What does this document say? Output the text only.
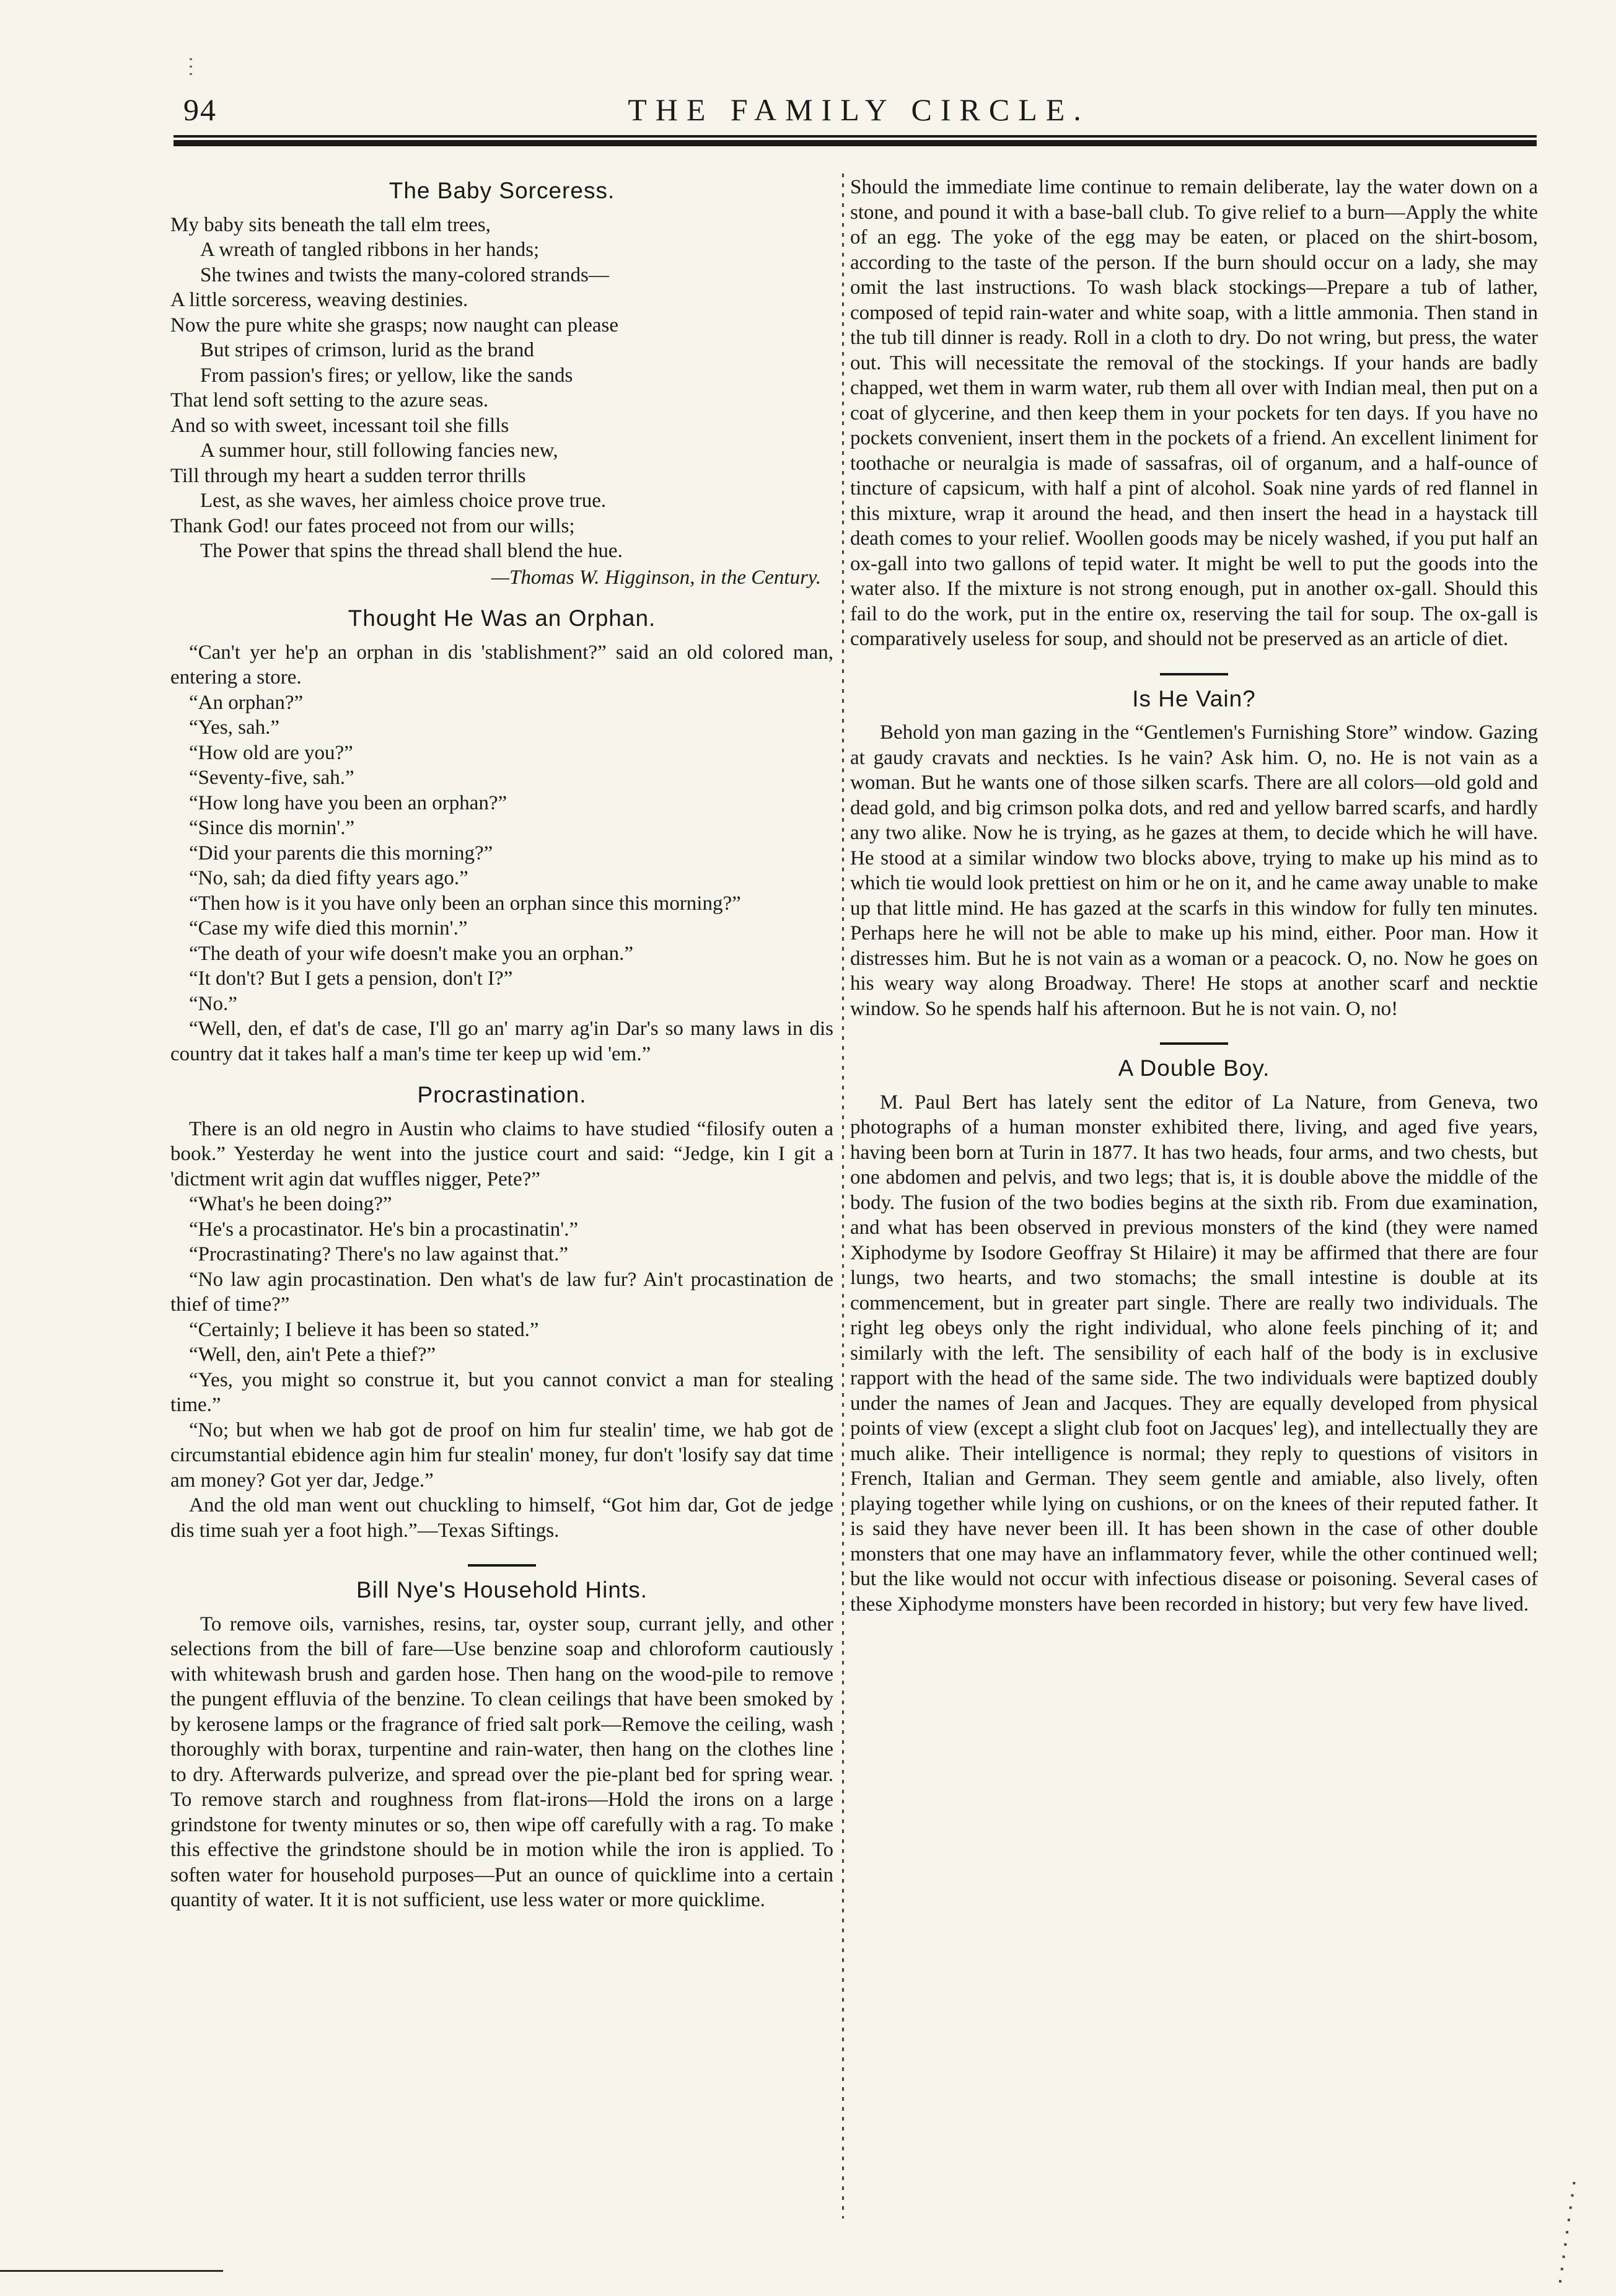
94	THE FAMILY CIRCLE.
The Baby Sorceress.

My baby sits beneath the tall elm trees,

A wreath of tangled ribbons in her hands;

She twines and twists the many-colored strands—

A little sorceress, weaving destinies.

Now the pure white she grasps; now naught can please

But stripes of crimson, lurid as the brand

From passion's fires; or yellow, like the sands

That lend soft setting to the azure seas.

And so with sweet, incessant toil she fills

A summer hour, still following fancies new,

Till through my heart a sudden terror thrills

Lest, as she waves, her aimless choice prove true.

Thank God! our fates proceed not from our wills;

The Power that spins the thread shall blend the hue.

—Thomas W. Higginson, in the Century.
Thought He Was an Orphan.

“Can't yer he'p an orphan in dis 'stablishment?” said an old colored man, entering a store.

“An orphan?”

“Yes, sah.”

“How old are you?”

“Seventy-five, sah.”

“How long have you been an orphan?”

“Since dis mornin'.”

“Did your parents die this morning?”

“No, sah; da died fifty years ago.”

“Then how is it you have only been an orphan since this morning?”

“Case my wife died this mornin'.”

“The death of your wife doesn't make you an orphan.”

“It don't? But I gets a pension, don't I?”

“No.”

“Well, den, ef dat's de case, I'll go an' marry ag'in Dar's so many laws in dis country dat it takes half a man's time ter keep up wid 'em.”

Procrastination.

There is an old negro in Austin who claims to have studied “filosify outen a book.” Yesterday he went into the justice court and said: “Jedge, kin I git a 'dictment writ agin dat wuffles nigger, Pete?”

“What's he been doing?”

“He's a procastinator. He's bin a procastinatin'.”

“Procrastinating? There's no law against that.”

“No law agin procastination. Den what's de law fur? Ain't procastination de thief of time?”

“Certainly; I believe it has been so stated.”

“Well, den, ain't Pete a thief?”

“Yes, you might so construe it, but you cannot convict a man for stealing time.”

“No; but when we hab got de proof on him fur stealin' time, we hab got de circumstantial ebidence agin him fur stealin' money, fur don't 'losify say dat time am money? Got yer dar, Jedge.”

And the old man went out chuckling to himself, “Got him dar, Got de jedge dis time suah yer a foot high.”—Texas Siftings.

Bill Nye's Household Hints.

To remove oils, varnishes, resins, tar, oyster soup, currant jelly, and other selections from the bill of fare—Use benzine soap and chloroform cautiously with whitewash brush and garden hose. Then hang on the wood-pile to remove the pungent effluvia of the benzine. To clean ceilings that have been smoked by by kerosene lamps or the fragrance of fried salt pork—Remove the ceiling, wash thoroughly with borax, turpentine and rain-water, then hang on the clothes line to dry. Afterwards pulverize, and spread over the pie-plant bed for spring wear. To remove starch and roughness from flat-irons—Hold the irons on a large grindstone for twenty minutes or so, then wipe off carefully with a rag. To make this effective the grindstone should be in motion while the iron is applied. To soften water for household purposes—Put an ounce of quicklime into a certain quantity of water. It it is not sufficient, use less water or more quicklime.

Should the immediate lime continue to remain deliberate, lay the water down on a stone, and pound it with a base-ball club. To give relief to a burn—Apply the white of an egg. The yoke of the egg may be eaten, or placed on the shirt-bosom, according to the taste of the person. If the burn should occur on a lady, she may omit the last instructions. To wash black stockings—Prepare a tub of lather, composed of tepid rain-water and white soap, with a little ammonia. Then stand in the tub till dinner is ready. Roll in a cloth to dry. Do not wring, but press, the water out. This will necessitate the removal of the stockings. If your hands are badly chapped, wet them in warm water, rub them all over with Indian meal, then put on a coat of glycerine, and then keep them in your pockets for ten days. If you have no pockets convenient, insert them in the pockets of a friend. An excellent liniment for toothache or neuralgia is made of sassafras, oil of organum, and a half-ounce of tincture of capsicum, with half a pint of alcohol. Soak nine yards of red flannel in this mixture, wrap it around the head, and then insert the head in a haystack till death comes to your relief. Woollen goods may be nicely washed, if you put half an ox-gall into two gallons of tepid water. It might be well to put the goods into the water also. If the mixture is not strong enough, put in another ox-gall. Should this fail to do the work, put in the entire ox, reserving the tail for soup. The ox-gall is comparatively useless for soup, and should not be preserved as an article of diet.

Is He Vain?

Behold yon man gazing in the “Gentlemen's Furnishing Store” window. Gazing at gaudy cravats and neckties. Is he vain? Ask him. O, no. He is not vain as a woman. But he wants one of those silken scarfs. There are all colors—old gold and dead gold, and big crimson polka dots, and red and yellow barred scarfs, and hardly any two alike. Now he is trying, as he gazes at them, to decide which he will have. He stood at a similar window two blocks above, trying to make up his mind as to which tie would look prettiest on him or he on it, and he came away unable to make up that little mind. He has gazed at the scarfs in this window for fully ten minutes. Perhaps here he will not be able to make up his mind, either. Poor man. How it distresses him. But he is not vain as a woman or a peacock. O, no. Now he goes on his weary way along Broadway. There! He stops at another scarf and necktie window. So he spends half his afternoon. But he is not vain. O, no!

A Double Boy.

M. Paul Bert has lately sent the editor of La Nature, from Geneva, two photographs of a human monster exhibited there, living, and aged five years, having been born at Turin in 1877. It has two heads, four arms, and two chests, but one abdomen and pelvis, and two legs; that is, it is double above the middle of the body. The fusion of the two bodies begins at the sixth rib. From due examination, and what has been observed in previous monsters of the kind (they were named Xiphodyme by Isodore Geoffray St Hilaire) it may be affirmed that there are four lungs, two hearts, and two stomachs; the small intestine is double at its commencement, but in greater part single. There are really two individuals. The right leg obeys only the right individual, who alone feels pinching of it; and similarly with the left. The sensibility of each half of the body is in exclusive rapport with the head of the same side. The two individuals were baptized doubly under the names of Jean and Jacques. They are equally developed from physical points of view (except a slight club foot on Jacques' leg), and intellectually they are much alike. Their intelligence is normal; they reply to questions of visitors in French, Italian and German. They seem gentle and amiable, also lively, often playing together while lying on cushions, or on the knees of their reputed father. It is said they have never been ill. It has been shown in the case of other double monsters that one may have an inflammatory fever, while the other continued well; but the like would not occur with infectious disease or poisoning. Several cases of these Xiphodyme monsters have been recorded in history; but very few have lived.
